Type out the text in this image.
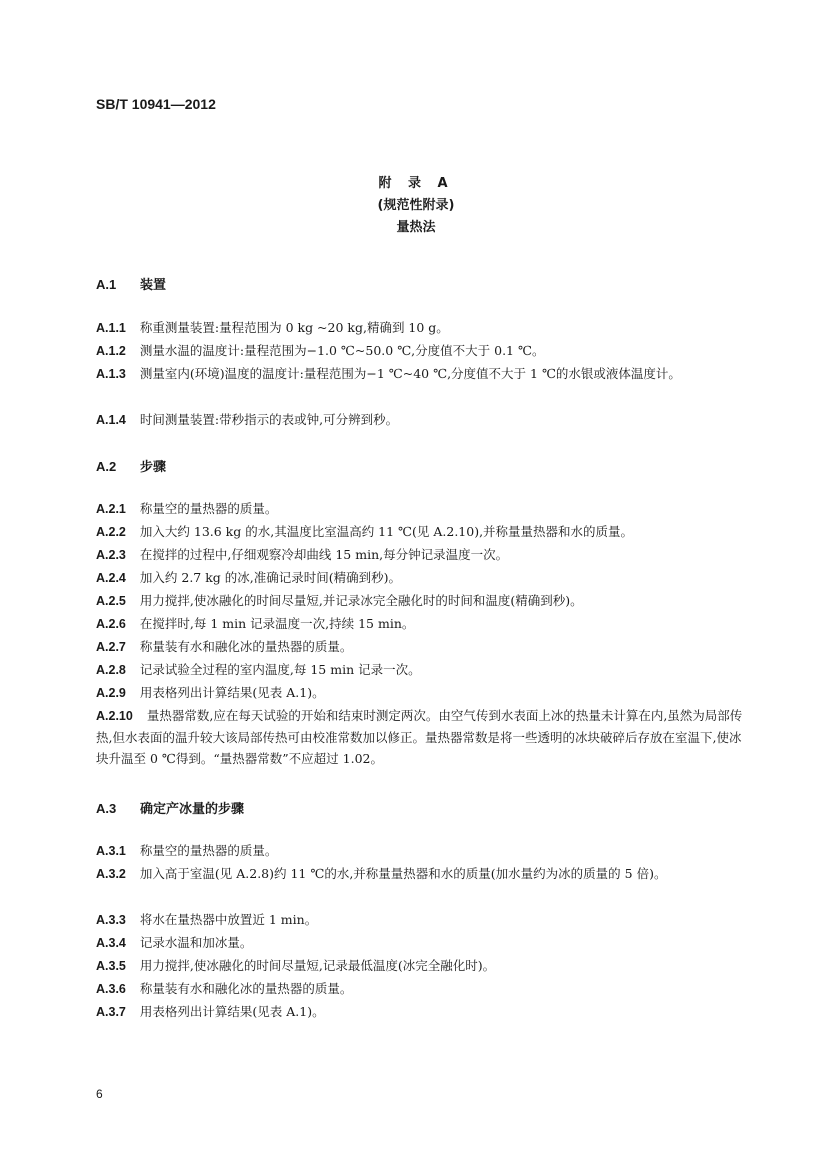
SB/T 10941—2012
附 录 A
(规范性附录)
量热法
A.1 装置
A.1.1 称重测量装置:量程范围为 0 kg ~20 kg,精确到 10 g。
A.1.2 测量水温的温度计:量程范围为−1.0 ℃~50.0 ℃,分度值不大于 0.1 ℃。
A.1.3 测量室内(环境)温度的温度计:量程范围为−1 ℃~40 ℃,分度值不大于 1 ℃的水银或液体温度计。
A.1.4 时间测量装置:带秒指示的表或钟,可分辨到秒。
A.2 步骤
A.2.1 称量空的量热器的质量。
A.2.2 加入大约 13.6 kg 的水,其温度比室温高约 11 ℃(见 A.2.10),并称量量热器和水的质量。
A.2.3 在搅拌的过程中,仔细观察冷却曲线 15 min,每分钟记录温度一次。
A.2.4 加入约 2.7 kg 的冰,准确记录时间(精确到秒)。
A.2.5 用力搅拌,使冰融化的时间尽量短,并记录冰完全融化时的时间和温度(精确到秒)。
A.2.6 在搅拌时,每 1 min 记录温度一次,持续 15 min。
A.2.7 称量装有水和融化冰的量热器的质量。
A.2.8 记录试验全过程的室内温度,每 15 min 记录一次。
A.2.9 用表格列出计算结果(见表 A.1)。
A.2.10 量热器常数,应在每天试验的开始和结束时测定两次。由空气传到水表面上冰的热量未计算在内,虽然为局部传热,但水表面的温升较大该局部传热可由校准常数加以修正。量热器常数是将一些透明的冰块破碎后存放在室温下,使冰块升温至 0 ℃得到。“量热器常数”不应超过 1.02。
A.3 确定产冰量的步骤
A.3.1 称量空的量热器的质量。
A.3.2 加入高于室温(见 A.2.8)约 11 ℃的水,并称量量热器和水的质量(加水量约为冰的质量的 5 倍)。
A.3.3 将水在量热器中放置近 1 min。
A.3.4 记录水温和加冰量。
A.3.5 用力搅拌,使冰融化的时间尽量短,记录最低温度(冰完全融化时)。
A.3.6 称量装有水和融化冰的量热器的质量。
A.3.7 用表格列出计算结果(见表 A.1)。
6
